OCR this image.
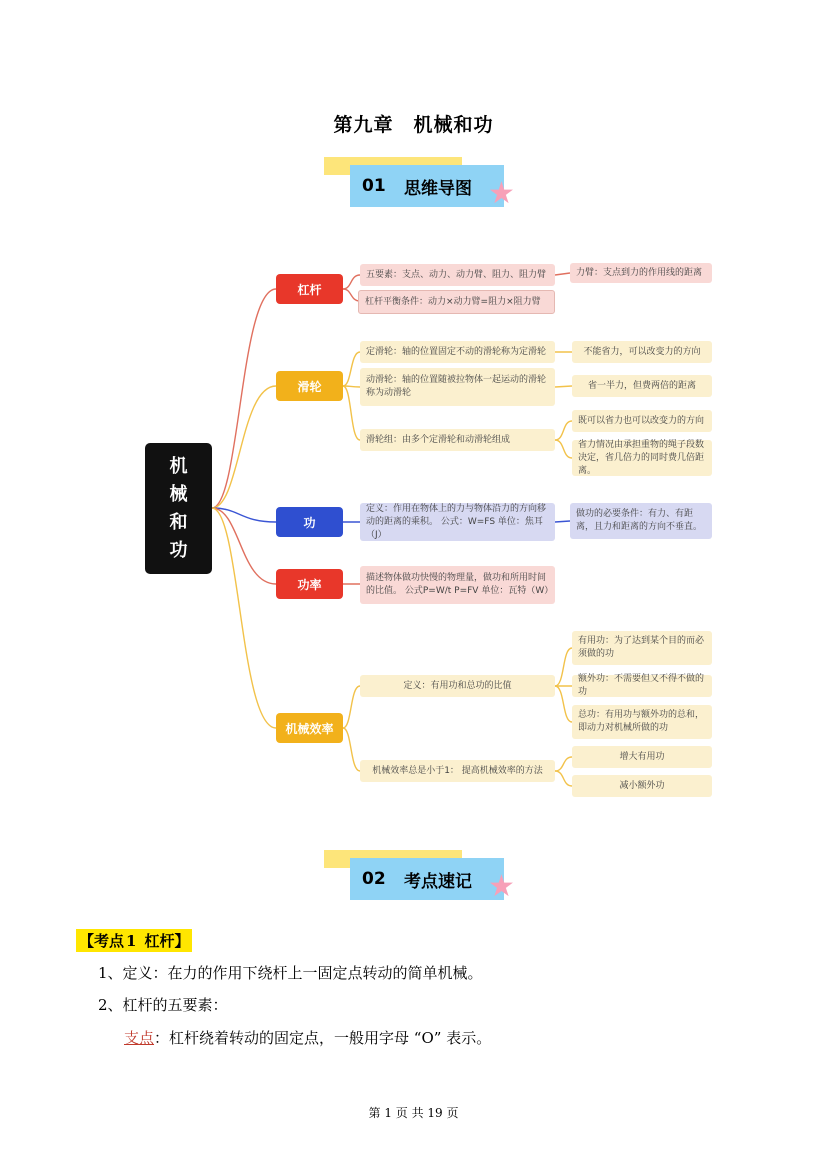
第九章　机械和功
01	思维导图 ★
机
械
和
功
杠杆
滑轮
功
功率
机械效率
五要素：支点、动力、动力臂、阻力、阻力臂	力臂：支点到力的作用线的距离
杠杆平衡条件：动力×动力臂=阻力×阻力臂
定滑轮：轴的位置固定不动的滑轮称为定滑轮	不能省力，可以改变力的方向
动滑轮：轴的位置随被拉物体一起运动的滑轮称为动滑轮
省一半力，但费两倍的距离
滑轮组：由多个定滑轮和动滑轮组成
既可以省力也可以改变力的方向
省力情况由承担重物的绳子段数决定，省几倍力的同时费几倍距离。
定义：作用在物体上的力与物体沿力的方向移动的距离的乘积。 公式：W=FS 单位：焦耳（J）
做功的必要条件：有力、有距离，且力和距离的方向不垂直。
描述物体做功快慢的物理量，做功和所用时间的比值。 公式P=W/t P=FV 单位：瓦特（W）
定义：有用功和总功的比值
有用功：为了达到某个目的而必须做的功
额外功：不需要但又不得不做的功
总功：有用功与额外功的总和，即动力对机械所做的功
机械效率总是小于1： 提高机械效率的方法
增大有用功
减小额外功
02	考点速记 ★
【考点 1 杠杆】
1、定义：在力的作用下绕杆上一固定点转动的简单机械。
2、杠杆的五要素：
支点：杠杆绕着转动的固定点，一般用字母 “O” 表示。
第 1 页 共 19 页
